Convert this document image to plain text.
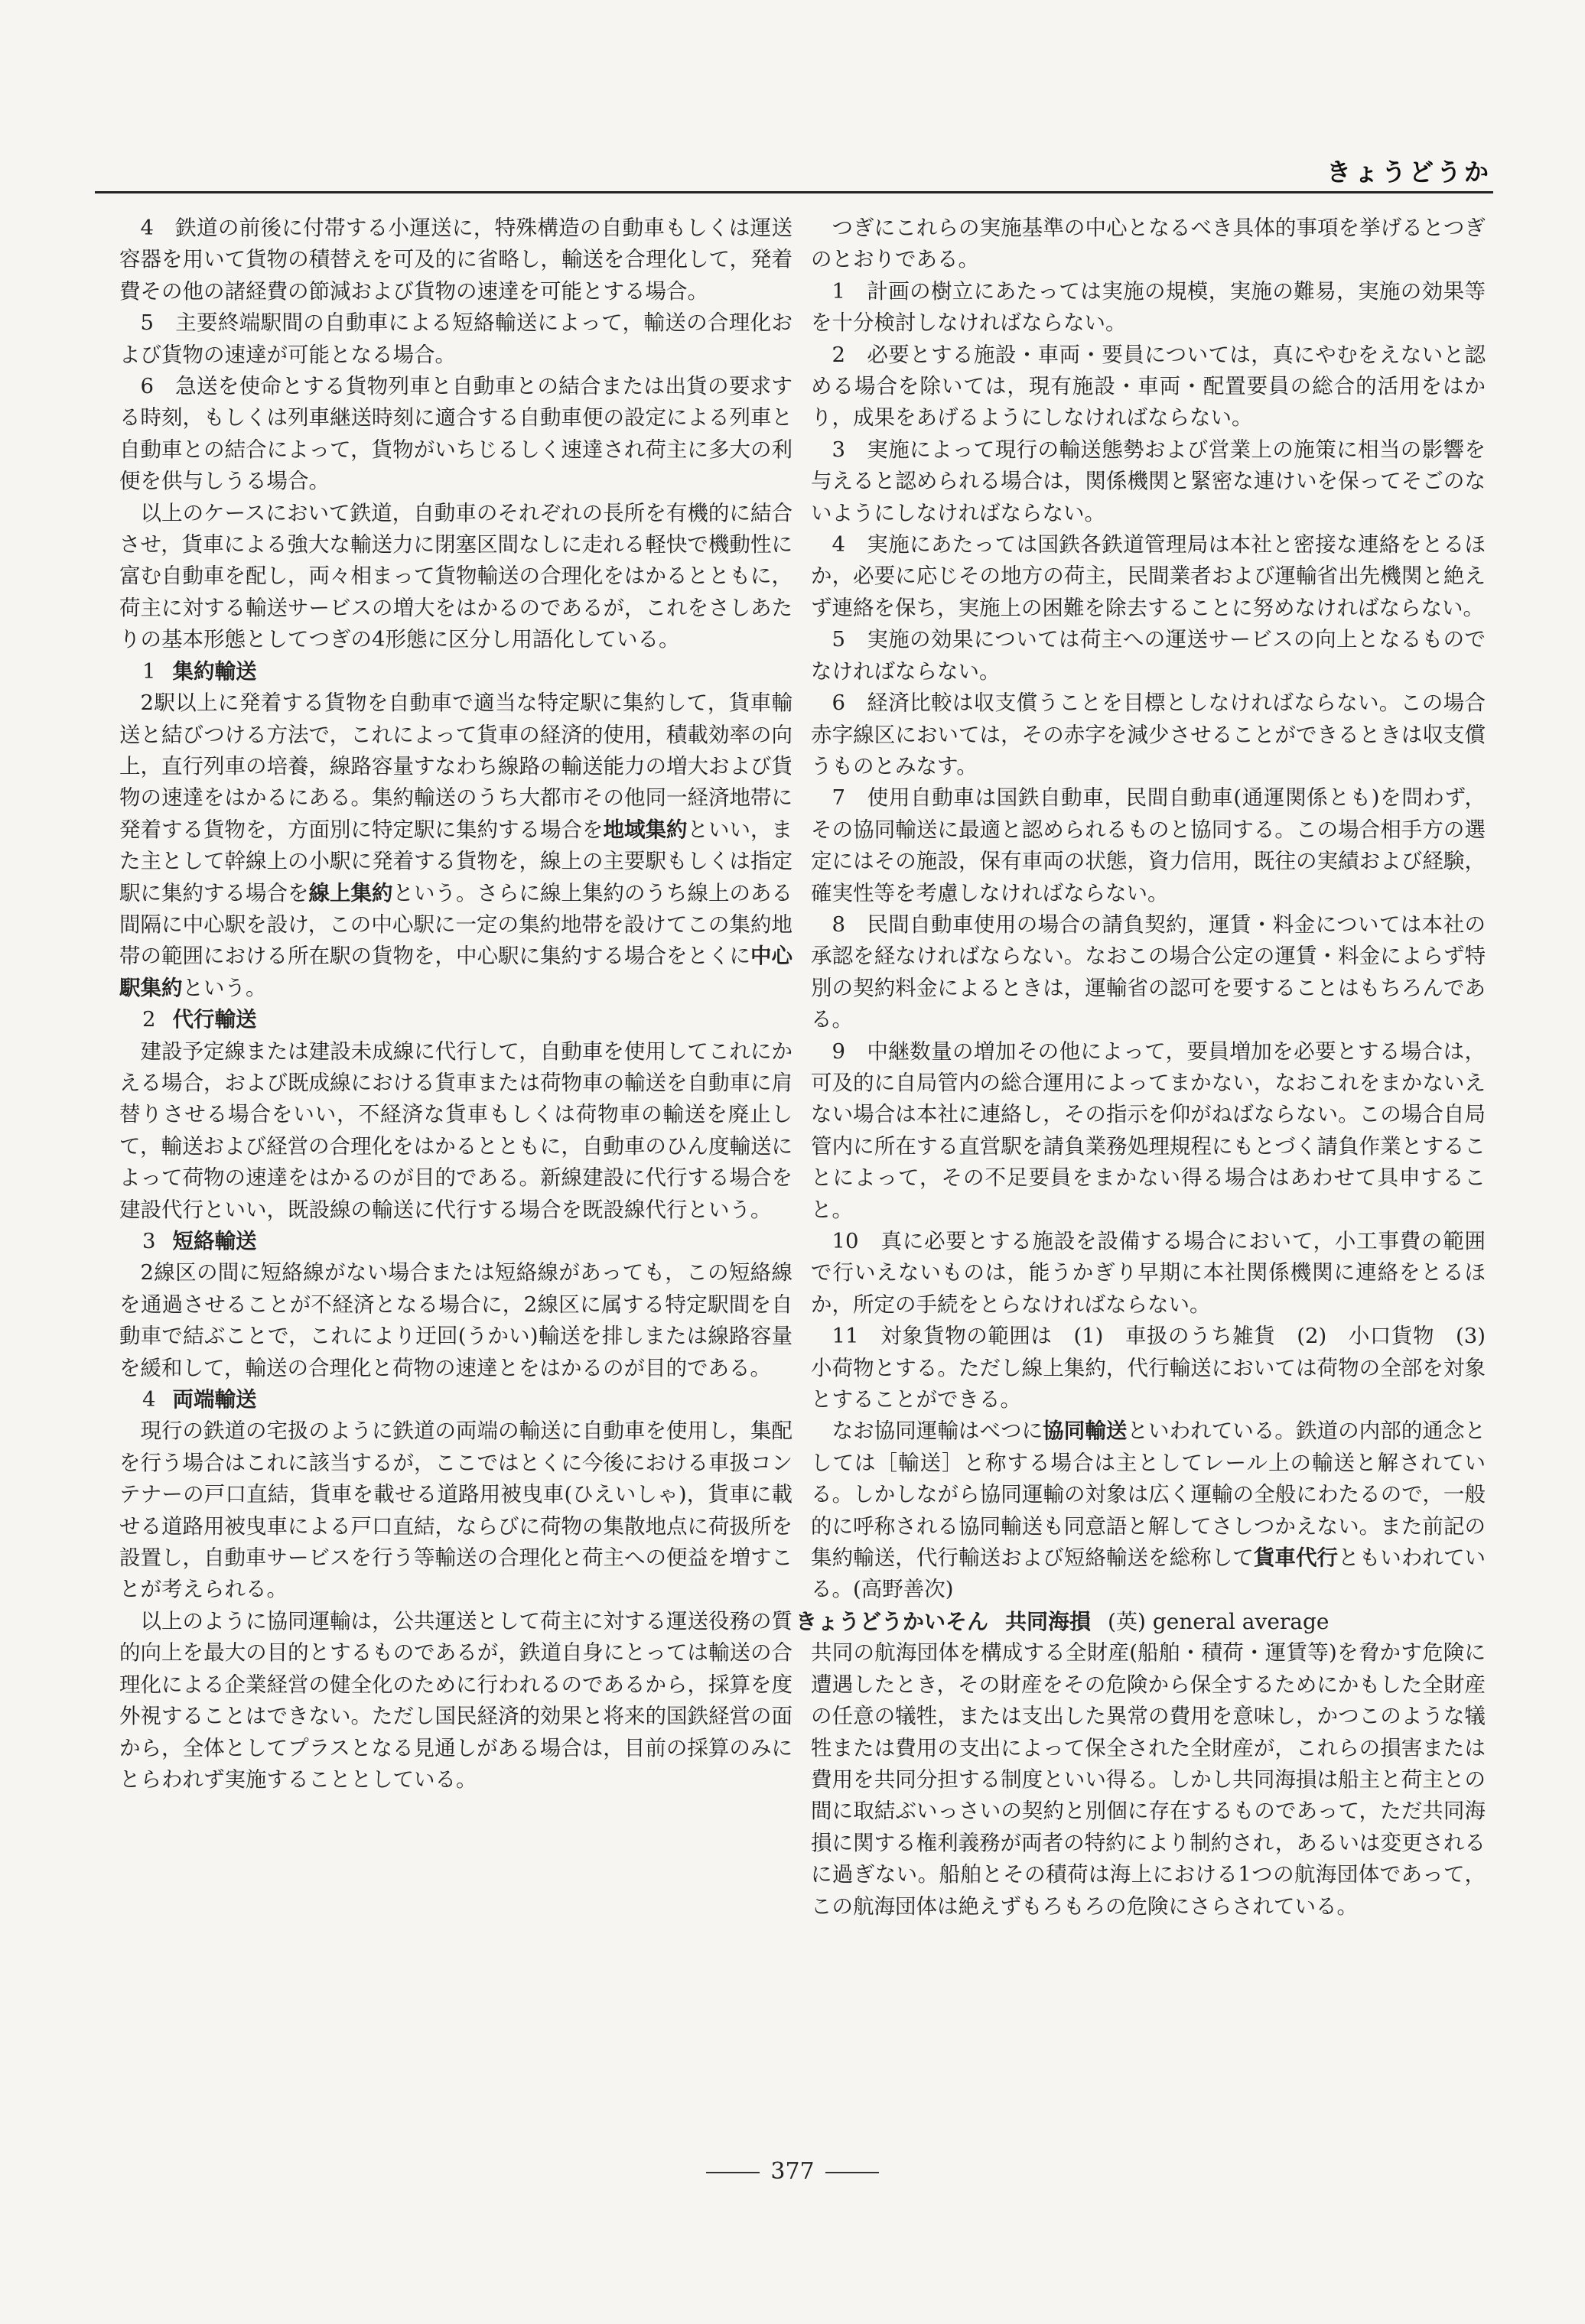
きょうどうか

4　鉄道の前後に付帯する小運送に，特殊構造の自動車もしくは運送容器を用いて貨物の積替えを可及的に省略し，輸送を合理化して，発着費その他の諸経費の節減および貨物の速達を可能とする場合。

5　主要終端駅間の自動車による短絡輸送によって，輸送の合理化および貨物の速達が可能となる場合。

6　急送を使命とする貨物列車と自動車との結合または出貨の要求する時刻，もしくは列車継送時刻に適合する自動車便の設定による列車と自動車との結合によって，貨物がいちじるしく速達され荷主に多大の利便を供与しうる場合。

以上のケースにおいて鉄道，自動車のそれぞれの長所を有機的に結合させ，貨車による強大な輸送力に閉塞区間なしに走れる軽快で機動性に富む自動車を配し，両々相まって貨物輸送の合理化をはかるとともに，荷主に対する輸送サービスの増大をはかるのであるが，これをさしあたりの基本形態としてつぎの4形態に区分し用語化している。

1 集約輸送

2駅以上に発着する貨物を自動車で適当な特定駅に集約して，貨車輸送と結びつける方法で，これによって貨車の経済的使用，積載効率の向上，直行列車の培養，線路容量すなわち線路の輸送能力の増大および貨物の速達をはかるにある。集約輸送のうち大都市その他同一経済地帯に発着する貨物を，方面別に特定駅に集約する場合を地域集約といい，また主として幹線上の小駅に発着する貨物を，線上の主要駅もしくは指定駅に集約する場合を線上集約という。さらに線上集約のうち線上のある間隔に中心駅を設け，この中心駅に一定の集約地帯を設けてこの集約地帯の範囲における所在駅の貨物を，中心駅に集約する場合をとくに中心駅集約という。

2 代行輸送

建設予定線または建設未成線に代行して，自動車を使用してこれにかえる場合，および既成線における貨車または荷物車の輸送を自動車に肩替りさせる場合をいい，不経済な貨車もしくは荷物車の輸送を廃止して，輸送および経営の合理化をはかるとともに，自動車のひん度輸送によって荷物の速達をはかるのが目的である。新線建設に代行する場合を建設代行といい，既設線の輸送に代行する場合を既設線代行という。

3 短絡輸送

2線区の間に短絡線がない場合または短絡線があっても，この短絡線を通過させることが不経済となる場合に，2線区に属する特定駅間を自動車で結ぶことで，これにより迂回(うかい)輸送を排しまたは線路容量を緩和して，輸送の合理化と荷物の速達とをはかるのが目的である。

4 両端輸送

現行の鉄道の宅扱のように鉄道の両端の輸送に自動車を使用し，集配を行う場合はこれに該当するが，ここではとくに今後における車扱コンテナーの戸口直結，貨車を載せる道路用被曳車(ひえいしゃ)，貨車に載せる道路用被曳車による戸口直結，ならびに荷物の集散地点に荷扱所を設置し，自動車サービスを行う等輸送の合理化と荷主への便益を増すことが考えられる。

以上のように協同運輸は，公共運送として荷主に対する運送役務の質的向上を最大の目的とするものであるが，鉄道自身にとっては輸送の合理化による企業経営の健全化のために行われるのであるから，採算を度外視することはできない。ただし国民経済的効果と将来的国鉄経営の面から，全体としてプラスとなる見通しがある場合は，目前の採算のみにとらわれず実施することとしている。

つぎにこれらの実施基準の中心となるべき具体的事項を挙げるとつぎのとおりである。

1　計画の樹立にあたっては実施の規模，実施の難易，実施の効果等を十分検討しなければならない。

2　必要とする施設・車両・要員については，真にやむをえないと認める場合を除いては，現有施設・車両・配置要員の総合的活用をはかり，成果をあげるようにしなければならない。

3　実施によって現行の輸送態勢および営業上の施策に相当の影響を与えると認められる場合は，関係機関と緊密な連けいを保ってそごのないようにしなければならない。

4　実施にあたっては国鉄各鉄道管理局は本社と密接な連絡をとるほか，必要に応じその地方の荷主，民間業者および運輸省出先機関と絶えず連絡を保ち，実施上の困難を除去することに努めなければならない。

5　実施の効果については荷主への運送サービスの向上となるものでなければならない。

6　経済比較は収支償うことを目標としなければならない。この場合赤字線区においては，その赤字を減少させることができるときは収支償うものとみなす。

7　使用自動車は国鉄自動車，民間自動車(通運関係とも)を問わず，その協同輸送に最適と認められるものと協同する。この場合相手方の選定にはその施設，保有車両の状態，資力信用，既往の実績および経験，確実性等を考慮しなければならない。

8　民間自動車使用の場合の請負契約，運賃・料金については本社の承認を経なければならない。なおこの場合公定の運賃・料金によらず特別の契約料金によるときは，運輸省の認可を要することはもちろんである。

9　中継数量の増加その他によって，要員増加を必要とする場合は，可及的に自局管内の総合運用によってまかない，なおこれをまかないえない場合は本社に連絡し，その指示を仰がねばならない。この場合自局管内に所在する直営駅を請負業務処理規程にもとづく請負作業とすることによって，その不足要員をまかない得る場合はあわせて具申すること。

10　真に必要とする施設を設備する場合において，小工事費の範囲で行いえないものは，能うかぎり早期に本社関係機関に連絡をとるほか，所定の手続をとらなければならない。

11　対象貨物の範囲は　(1)　車扱のうち雑貨　(2)　小口貨物　(3)　小荷物とする。ただし線上集約，代行輸送においては荷物の全部を対象とすることができる。

なお協同運輸はべつに協同輸送といわれている。鉄道の内部的通念としては［輸送］と称する場合は主としてレール上の輸送と解されている。しかしながら協同運輸の対象は広く運輸の全般にわたるので，一般的に呼称される協同輸送も同意語と解してさしつかえない。また前記の集約輸送，代行輸送および短絡輸送を総称して貨車代行ともいわれている。(高野善次)

きょうどうかいそん 共同海損 (英) general average

共同の航海団体を構成する全財産(船舶・積荷・運賃等)を脅かす危険に遭遇したとき，その財産をその危険から保全するためにかもした全財産の任意の犠牲，または支出した異常の費用を意味し，かつこのような犠牲または費用の支出によって保全された全財産が，これらの損害または費用を共同分担する制度といい得る。しかし共同海損は船主と荷主との間に取結ぶいっさいの契約と別個に存在するものであって，ただ共同海損に関する権利義務が両者の特約により制約され，あるいは変更されるに過ぎない。船舶とその積荷は海上における1つの航海団体であって，この航海団体は絶えずもろもろの危険にさらされている。

377
